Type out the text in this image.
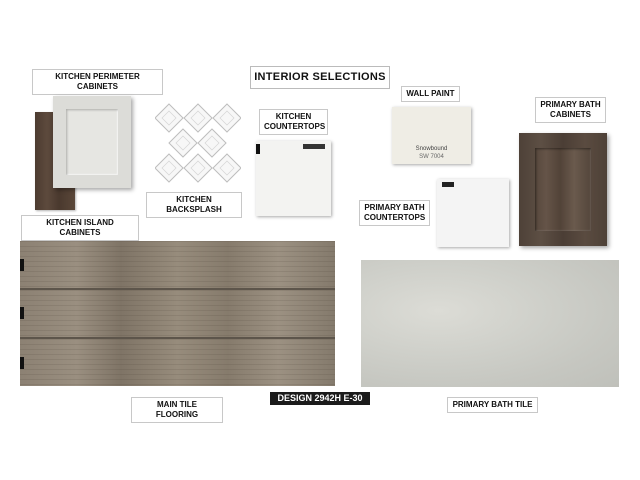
INTERIOR SELECTIONS
KITCHEN PERIMETER CABINETS
KITCHEN ISLAND CABINETS
KITCHEN BACKSPLASH
KITCHEN
COUNTERTOPS
WALL PAINT
Snowbound
SW 7004
PRIMARY BATH
COUNTERTOPS
PRIMARY BATH
CABINETS
MAIN TILE FLOORING
DESIGN 2942H E-30
PRIMARY BATH TILE
